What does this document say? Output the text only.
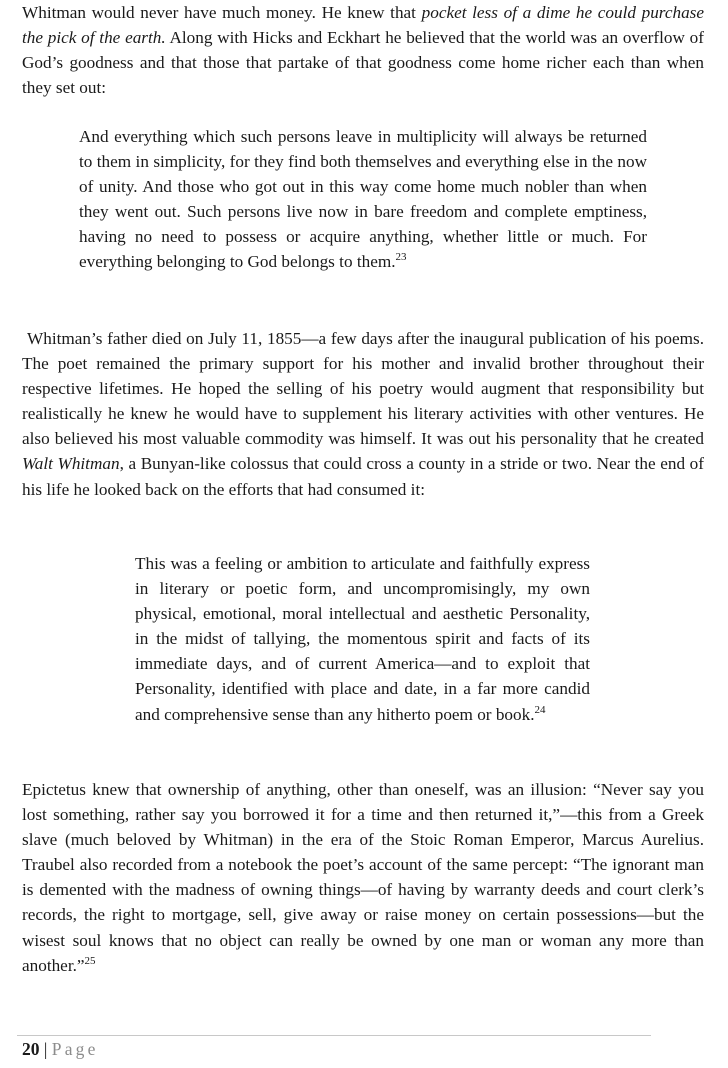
Whitman would never have much money. He knew that pocket less of a dime he could purchase the pick of the earth. Along with Hicks and Eckhart he believed that the world was an overflow of God’s goodness and that those that partake of that goodness come home richer each than when they set out:

And everything which such persons leave in multiplicity will always be returned to them in simplicity, for they find both themselves and everything else in the now of unity. And those who got out in this way come home much nobler than when they went out. Such persons live now in bare freedom and complete emptiness, having no need to possess or acquire anything, whether little or much. For everything belonging to God belongs to them.$^{23}$

Whitman’s father died on July 11, 1855—a few days after the inaugural publication of his poems. The poet remained the primary support for his mother and invalid brother throughout their respective lifetimes. He hoped the selling of his poetry would augment that responsibility but realistically he knew he would have to supplement his literary activities with other ventures. He also believed his most valuable commodity was himself. It was out his personality that he created Walt Whitman, a Bunyan-like colossus that could cross a county in a stride or two. Near the end of his life he looked back on the efforts that had consumed it:

This was a feeling or ambition to articulate and faithfully express in literary or poetic form, and uncompromisingly, my own physical, emotional, moral intellectual and aesthetic Personality, in the midst of tallying, the momentous spirit and facts of its immediate days, and of current America—and to exploit that Personality, identified with place and date, in a far more candid and comprehensive sense than any hitherto poem or book.$^{24}$

Epictetus knew that ownership of anything, other than oneself, was an illusion: “Never say you lost something, rather say you borrowed it for a time and then returned it,”—this from a Greek slave (much beloved by Whitman) in the era of the Stoic Roman Emperor, Marcus Aurelius. Traubel also recorded from a notebook the poet’s account of the same percept: “The ignorant man is demented with the madness of owning things—of having by warranty deeds and court clerk’s records, the right to mortgage, sell, give away or raise money on certain possessions—but the wisest soul knows that no object can really be owned by one man or woman any more than another.”$^{25}$

20 | Page
